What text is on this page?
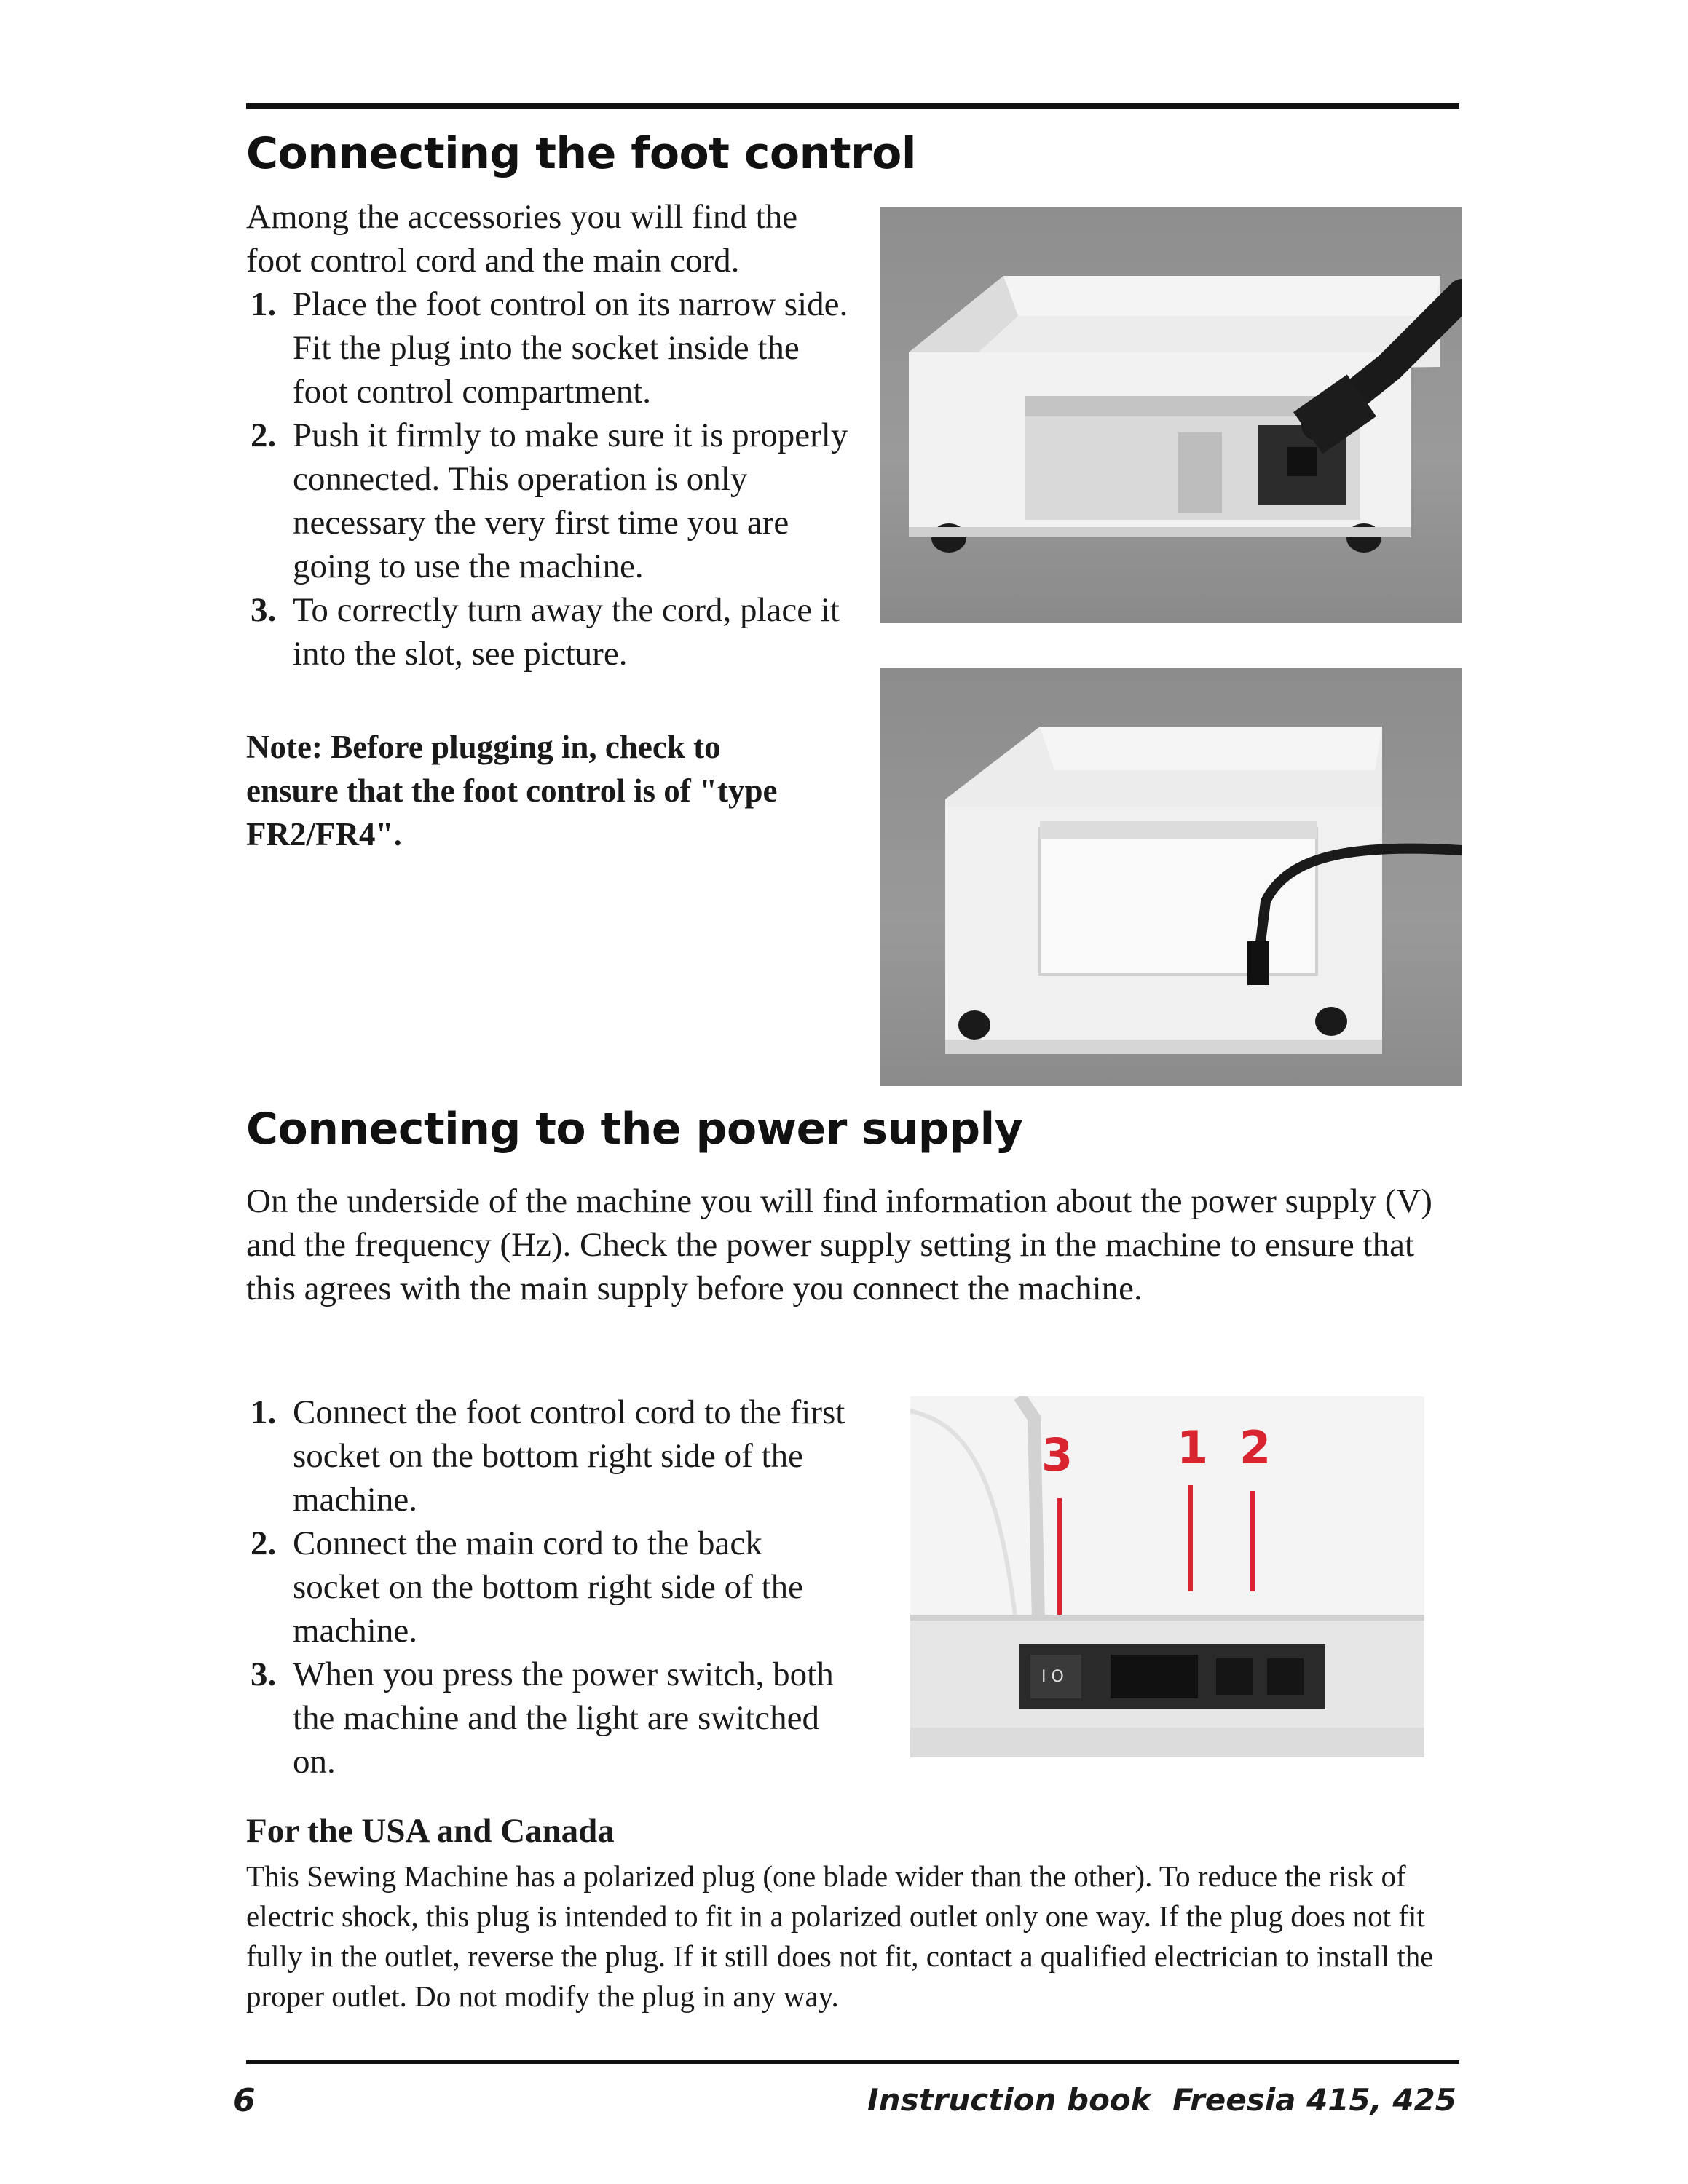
Connecting the foot control

Among the accessories you will find the foot control cord and the main cord.

1. Place the foot control on its narrow side. Fit the plug into the socket inside the foot control compartment.
2. Push it firmly to make sure it is properly connected. This operation is only necessary the very first time you are going to use the machine.
3. To correctly turn away the cord, place it into the slot, see picture.

Note: Before plugging in, check to ensure that the foot control is of "type FR2/FR4".

Connecting to the power supply

On the underside of the machine you will find information about the power supply (V) and the frequency (Hz). Check the power supply setting in the machine to ensure that this agrees with the main supply before you connect the machine.

1. Connect the foot control cord to the first socket on the bottom right side of the machine.
2. Connect the main cord to the back socket on the bottom right side of the machine.
3. When you press the power switch, both the machine and the light are switched on.
I O
3 1 2
For the USA and Canada

This Sewing Machine has a polarized plug (one blade wider than the other). To reduce the risk of electric shock, this plug is intended to fit in a polarized outlet only one way. If the plug does not fit fully in the outlet, reverse the plug. If it still does not fit, contact a qualified electrician to install the proper outlet. Do not modify the plug in any way.

6	Instruction book  Freesia 415, 425
